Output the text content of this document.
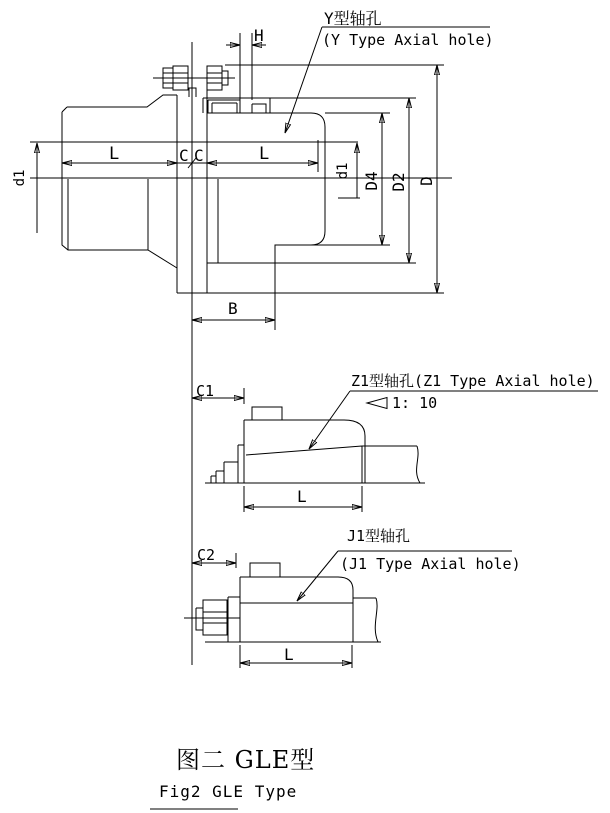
H
L	C C	L
d1	d1
D4 D2 D
B
Y型轴孔
(Y Type Axial hole)
C1
L
Z1型轴孔(Z1 Type Axial hole)
1: 10
C2
L
J1型轴孔
(J1 Type Axial hole)
图二 GLE型
Fig2 GLE Type
